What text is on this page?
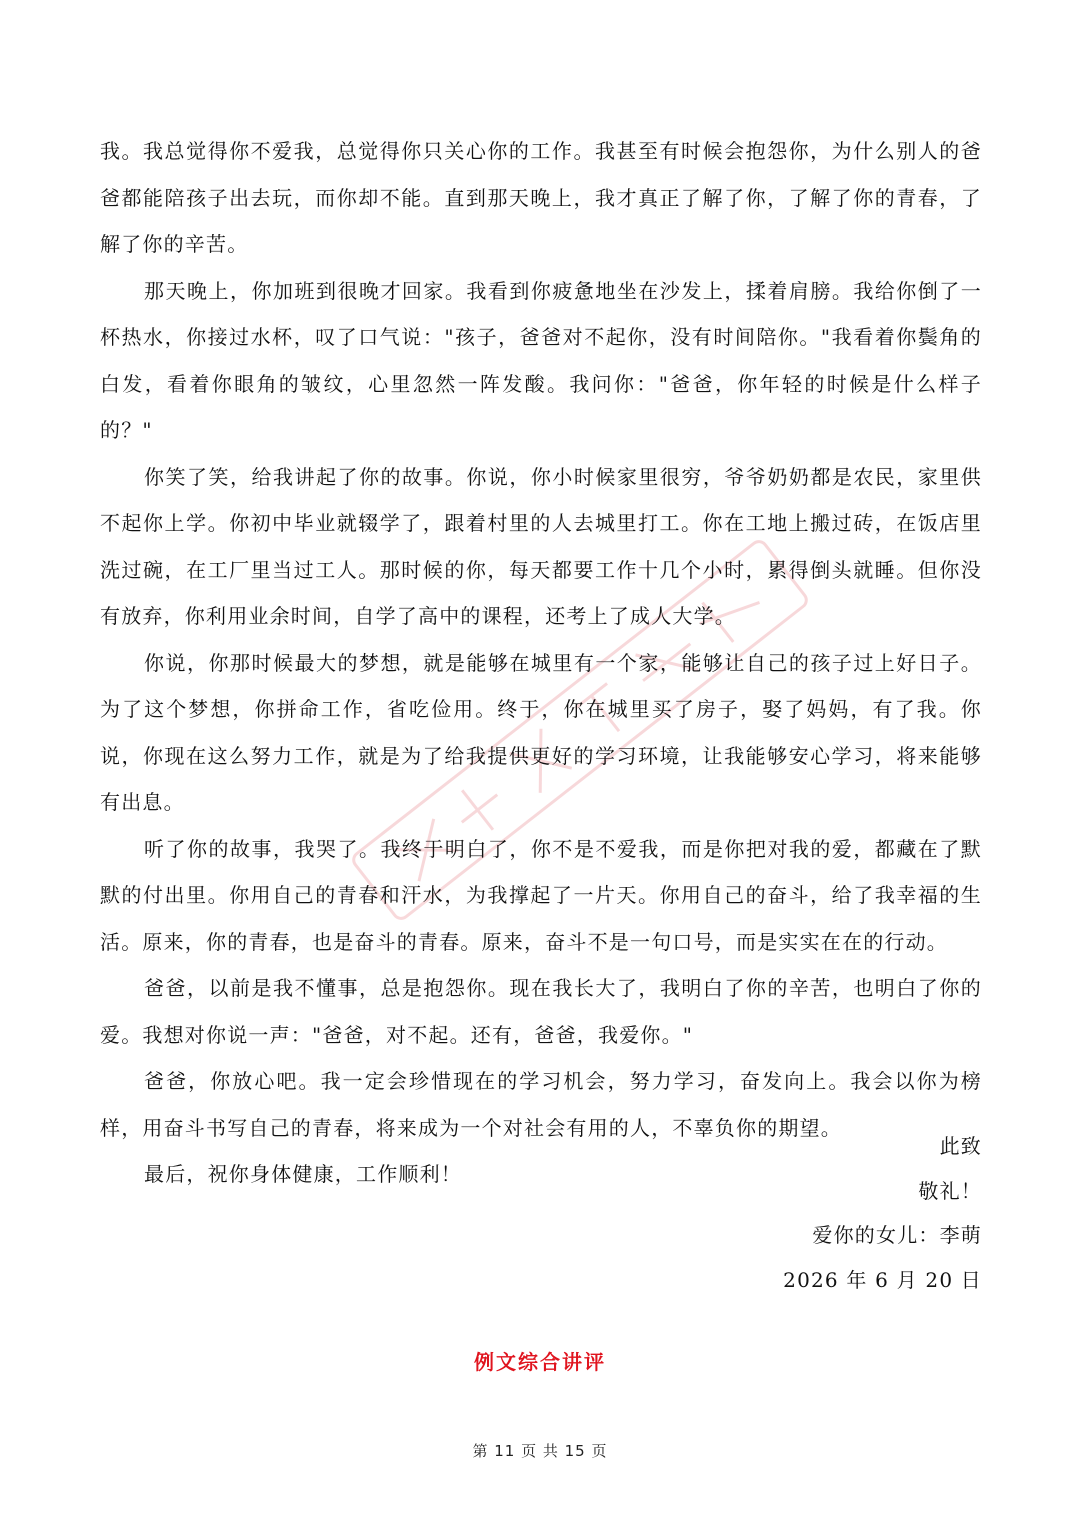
我。我总觉得你不爱我，总觉得你只关心你的工作。我甚至有时候会抱怨你，为什么别人的爸爸都能陪孩子出去玩，而你却不能。直到那天晚上，我才真正了解了你，了解了你的青春，了解了你的辛苦。

那天晚上，你加班到很晚才回家。我看到你疲惫地坐在沙发上，揉着肩膀。我给你倒了一杯热水，你接过水杯，叹了口气说："孩子，爸爸对不起你，没有时间陪你。"我看着你鬓角的白发，看着你眼角的皱纹，心里忽然一阵发酸。我问你："爸爸，你年轻的时候是什么样子的？"

你笑了笑，给我讲起了你的故事。你说，你小时候家里很穷，爷爷奶奶都是农民，家里供不起你上学。你初中毕业就辍学了，跟着村里的人去城里打工。你在工地上搬过砖，在饭店里洗过碗，在工厂里当过工人。那时候的你，每天都要工作十几个小时，累得倒头就睡。但你没有放弃，你利用业余时间，自学了高中的课程，还考上了成人大学。

你说，你那时候最大的梦想，就是能够在城里有一个家，能够让自己的孩子过上好日子。为了这个梦想，你拼命工作，省吃俭用。终于，你在城里买了房子，娶了妈妈，有了我。你说，你现在这么努力工作，就是为了给我提供更好的学习环境，让我能够安心学习，将来能够有出息。

听了你的故事，我哭了。我终于明白了，你不是不爱我，而是你把对我的爱，都藏在了默默的付出里。你用自己的青春和汗水，为我撑起了一片天。你用自己的奋斗，给了我幸福的生活。原来，你的青春，也是奋斗的青春。原来，奋斗不是一句口号，而是实实在在的行动。

爸爸，以前是我不懂事，总是抱怨你。现在我长大了，我明白了你的辛苦，也明白了你的爱。我想对你说一声："爸爸，对不起。还有，爸爸，我爱你。"

爸爸，你放心吧。我一定会珍惜现在的学习机会，努力学习，奋发向上。我会以你为榜样，用奋斗书写自己的青春，将来成为一个对社会有用的人，不辜负你的期望。

最后，祝你身体健康，工作顺利！

此致
敬礼！
爱你的女儿：李萌
2026 年 6 月 20 日
例文综合讲评
第 11 页 共 15 页
